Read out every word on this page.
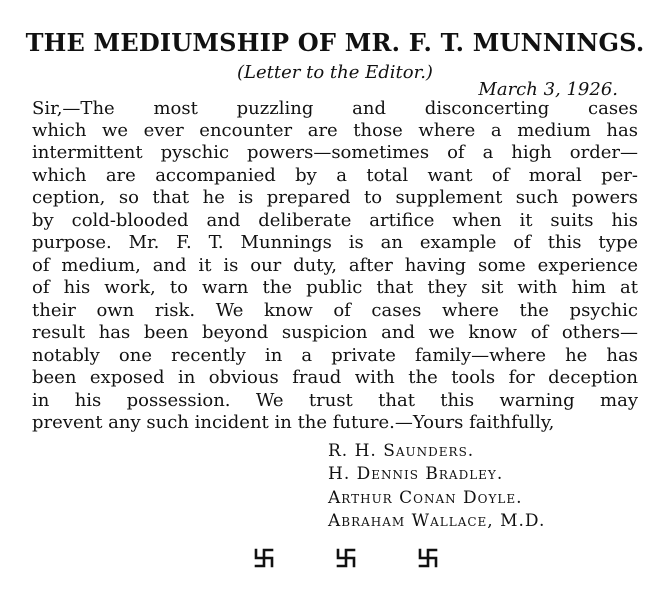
THE MEDIUMSHIP OF MR. F. T. MUNNINGS.
(Letter to the Editor.)
March 3, 1926.
Sir,—The most puzzling and disconcerting cases
which we ever encounter are those where a medium has
intermittent pyschic powers—sometimes of a high order—
which are accompanied by a total want of moral per-
ception, so that he is prepared to supplement such powers
by cold-blooded and deliberate artifice when it suits his
purpose. Mr. F. T. Munnings is an example of this type
of medium, and it is our duty, after having some experience
of his work, to warn the public that they sit with him at
their own risk. We know of cases where the psychic
result has been beyond suspicion and we know of others—
notably one recently in a private family—where he has
been exposed in obvious fraud with the tools for deception
in his possession. We trust that this warning may
prevent any such incident in the future.—Yours faithfully,
R. H. Saunders.
H. Dennis Bradley.
Arthur Conan Doyle.
Abraham Wallace, M.D.
